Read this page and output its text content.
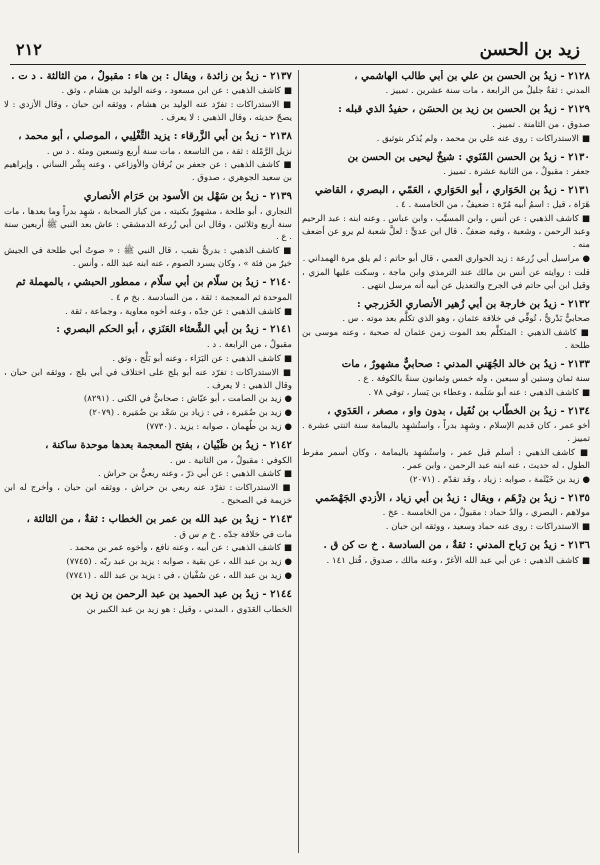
زيد بن الحسن
٢١٢
٢١٢٨ - زيدُ بن الحسن بن علي بن أبي طالب الهاشمي ،
المدني : ثقةٌ جليلٌ من الرابعة ، مات سنة عشرين . تمييز .
٢١٢٩ - زيدُ بن الحسن بن زيد بن الحسَن ، حفيدُ الذي قبله :
صدوق ، من الثامنة . تمييز .
■ الاستدراكات : روى عنه علي بن محمد ، ولم يُذكر بتوثيق .
٢١٣٠ - زيدُ بن الحسن القَنَوي : شيخٌ ليحيى بن الحسن بن
جعفر : مقبولٌ ، من الثانية عشرة . تمييز .
٢١٣١ - زيدُ بن الحَوَاري ، أبو الحَوَاري ، العَمّي ، البصري ، القاضي
هَرَاة ، قيل : اسمُ أبيه مُرّة : ضعيفٌ ، من الخامسة . ٤ .
■ كاشف الذهبي : عن أنس ، وابن المسيِّب ، وابن عباس . وعنه ابنه : عبد الرحيم وعبد الرحمن ، وشعبة ، وفيه ضعفٌ . قال ابن عديٍّ : لعلَّ شعبة لم يرو عن أضعف منه .
● مراسيل أبي زُرعة : زيد الحواري العمي ، قال أبو حاتم : لم يلق مرة الهمداني .
قلت : روايته عن أنس بن مالك عند الترمذي وابن ماجة ، وسكت عليها المزي ، وقيل ابن أبي حاتم في الجرح والتعديل عن أبيه أنه مرسل انتهى .
٢١٣٢ - زيدُ بن خارجة بن أبي زُهير الأنصاري الخَزرجي :
صحابيٌّ بَدْريٌّ ، تُوفِّي في خلافة عثمان ، وهو الذي تكلَّم بعد موته . س .
■ كاشف الذهبي : المتكلِّم بعد الموت زمن عثمان له صحبة ، وعنه موسى بن طلحة .
٢١٣٣ - زيدُ بن خالد الجُهَني المدني : صحابيٌّ مشهورٌ ، مات
سنة ثمان وستين أو سبعين ، وله خمس وثمانون سنةً بالكوفة . ع .
■ كاشف الذهبي : عنه أبو سَلَمة ، وعطاء بن يَسار ، توفي ٧٨ .
٢١٣٤ - زيدُ بن الخطّاب بن نُفَيل ، بدون واو ، مصغر ، العَدَوي ،
أخو عمر ، كان قديم الإسلام ، وشهِد بدراً ، واستُشهِد باليمامة سنة اثنتي عشرة . تمييز .
■ كاشف الذهبي : أسلم قبل عمر ، واستُشهِد باليمامة ، وكان أسمر مفرط الطول ، له حديث ، عنه ابنه عبد الرحمن ، وابن عمر .
● زيد بن خَيْثَمة ، صوابه : زياد ، وقد تقدّم . (٢٠٧١)
٢١٣٥ - زيدُ بن دِرْهَم ، ويقال : زيدُ بن أبي زياد ، الأزدي الجَهْضَمي
مولاهم ، البصري ، والدُ حماد : مقبولٌ ، من الخامسة . عخ .
■ الاستدراكات : روى عنه حماد وسعيد ، ووثقه ابن حبان .
٢١٣٦ - زيدُ بن رَباح المدني : ثقةٌ ، من السادسة . خ ت كن ق .
■ كاشف الذهبي : عن أبي عبد الله الأغرّ ، وعنه مالك ، صدوق ، قُتل ١٤١ .
٢١٣٧ - زيدُ بن زائدة ، ويقال : بن هاء : مقبولٌ ، من الثالثة . د ت .
■ كاشف الذهبي : عن ابن مسعود ، وعنه الوليد بن هشام ، وثق .
■ الاستدراكات : تفرّد عنه الوليد بن هشام ، ووثقه ابن حبان ، وقال الأزدي : لا يصحّ حديثه ، وقال الذهبي : لا يعرف .
٢١٣٨ - زيدُ بن أبي الزَّرقاء : يزيد التَّغْلِبي ، الموصلي ، أبو محمد ،
نزيل الرَّمْلة : ثقة ، من التاسعة ، مات سنة أربع وتسعين ومئة . د س .
■ كاشف الذهبي : عن جعفر بن بُرقان والأوزاعي ، وعنه بِشْر الساني ، وإبراهيم بن سعيد الجوهري ، صدوق .
٢١٣٩ - زيدُ بن سَهْل بن الأسود بن حَرَام الأنصاري
النجاري ، أبو طلحة ، مشهورٌ بكنيته ، من كبار الصحابة ، شهِد بدراً وما بعدها ، مات سنة أربع وثلاثين ، وقال ابن أبي زُرعة الدمشقي : عاش بعد النبي ﷺ أربعين سنة . ع .
■ كاشف الذهبي : بدريٌّ نقيب ، قال النبي ﷺ : « صوتُ أبي طلحة في الجيش خيرٌ من فئة » ، وكان يسرد الصوم ، عنه ابنه عبد الله ، وأنس .
٢١٤٠ - زيدُ بن سلّام بن أبي سلّام ، ممطور الحبشي ، بالمهملة ثم
الموحدة ثم المعجمة : ثقة ، من السادسة . بخ م ٤ .
■ كاشف الذهبي : عن جدّه ، وعنه أخوه معاوية ، وجماعة ، ثقة .
٢١٤١ - زيدُ بن أبي الشَّعثاء العَنَزي ، أبو الحكم البصري :
مقبولٌ ، من الرابعة . د .
■ كاشف الذهبي : عن البَرَاء ، وعنه أبو بَلْج ، وثق .
■ الاستدراكات : تفرّد عنه أبو بلج على اختلاف في أبي بلج ، ووثقه ابن حبان ، وقال الذهبي : لا يعرف .
● زيد بن الصامت ، أبو عيّاش : صحابيٌّ في الكنى . (٨٢٩١)
● زيد بن ضُمَيرة ، في : زياد بن سَعْد بن ضُمَيرة . (٢٠٧٩)
● زيد بن طُهمان ، صوابه : يزيد . (٧٧٣٠)
٢١٤٢ - زيدُ بن ظَبْيان ، بفتح المعجمة بعدها موحدة ساكنة ،
الكوفي : مقبولٌ ، من الثانية . س .
■ كاشف الذهبي : عن أبي ذرّ ، وعنه ربعيُّ بن حراش .
■ الاستدراكات : تفرّد عنه ربعي بن حراش ، ووثقه ابن حبان ، وأخرج له ابن خزيمة في الصحيح .
٢١٤٣ - زيدُ بن عبد الله بن عمر بن الخطاب : ثقةٌ ، من الثالثة ،
مات في خلافة جدّه . خ م س ق .
■ كاشف الذهبي : عن أبيه ، وعنه نافع ، وأخوه عمر بن محمد .
● زيد بن عبد الله ، عن بقية ، صوابه : يزيد بن عبد ربّه . (٧٧٤٥)
● زيد بن عبد الله ، عن سُفْيان ، في : يزيد بن عبد الله . (٧٧٤١)
٢١٤٤ - زيدُ بن عبد الحميد بن عبد الرحمن بن زيد بن
الخطاب العَدَوي ، المدني ، وقيل : هو زيد بن عبد الكبير بن
